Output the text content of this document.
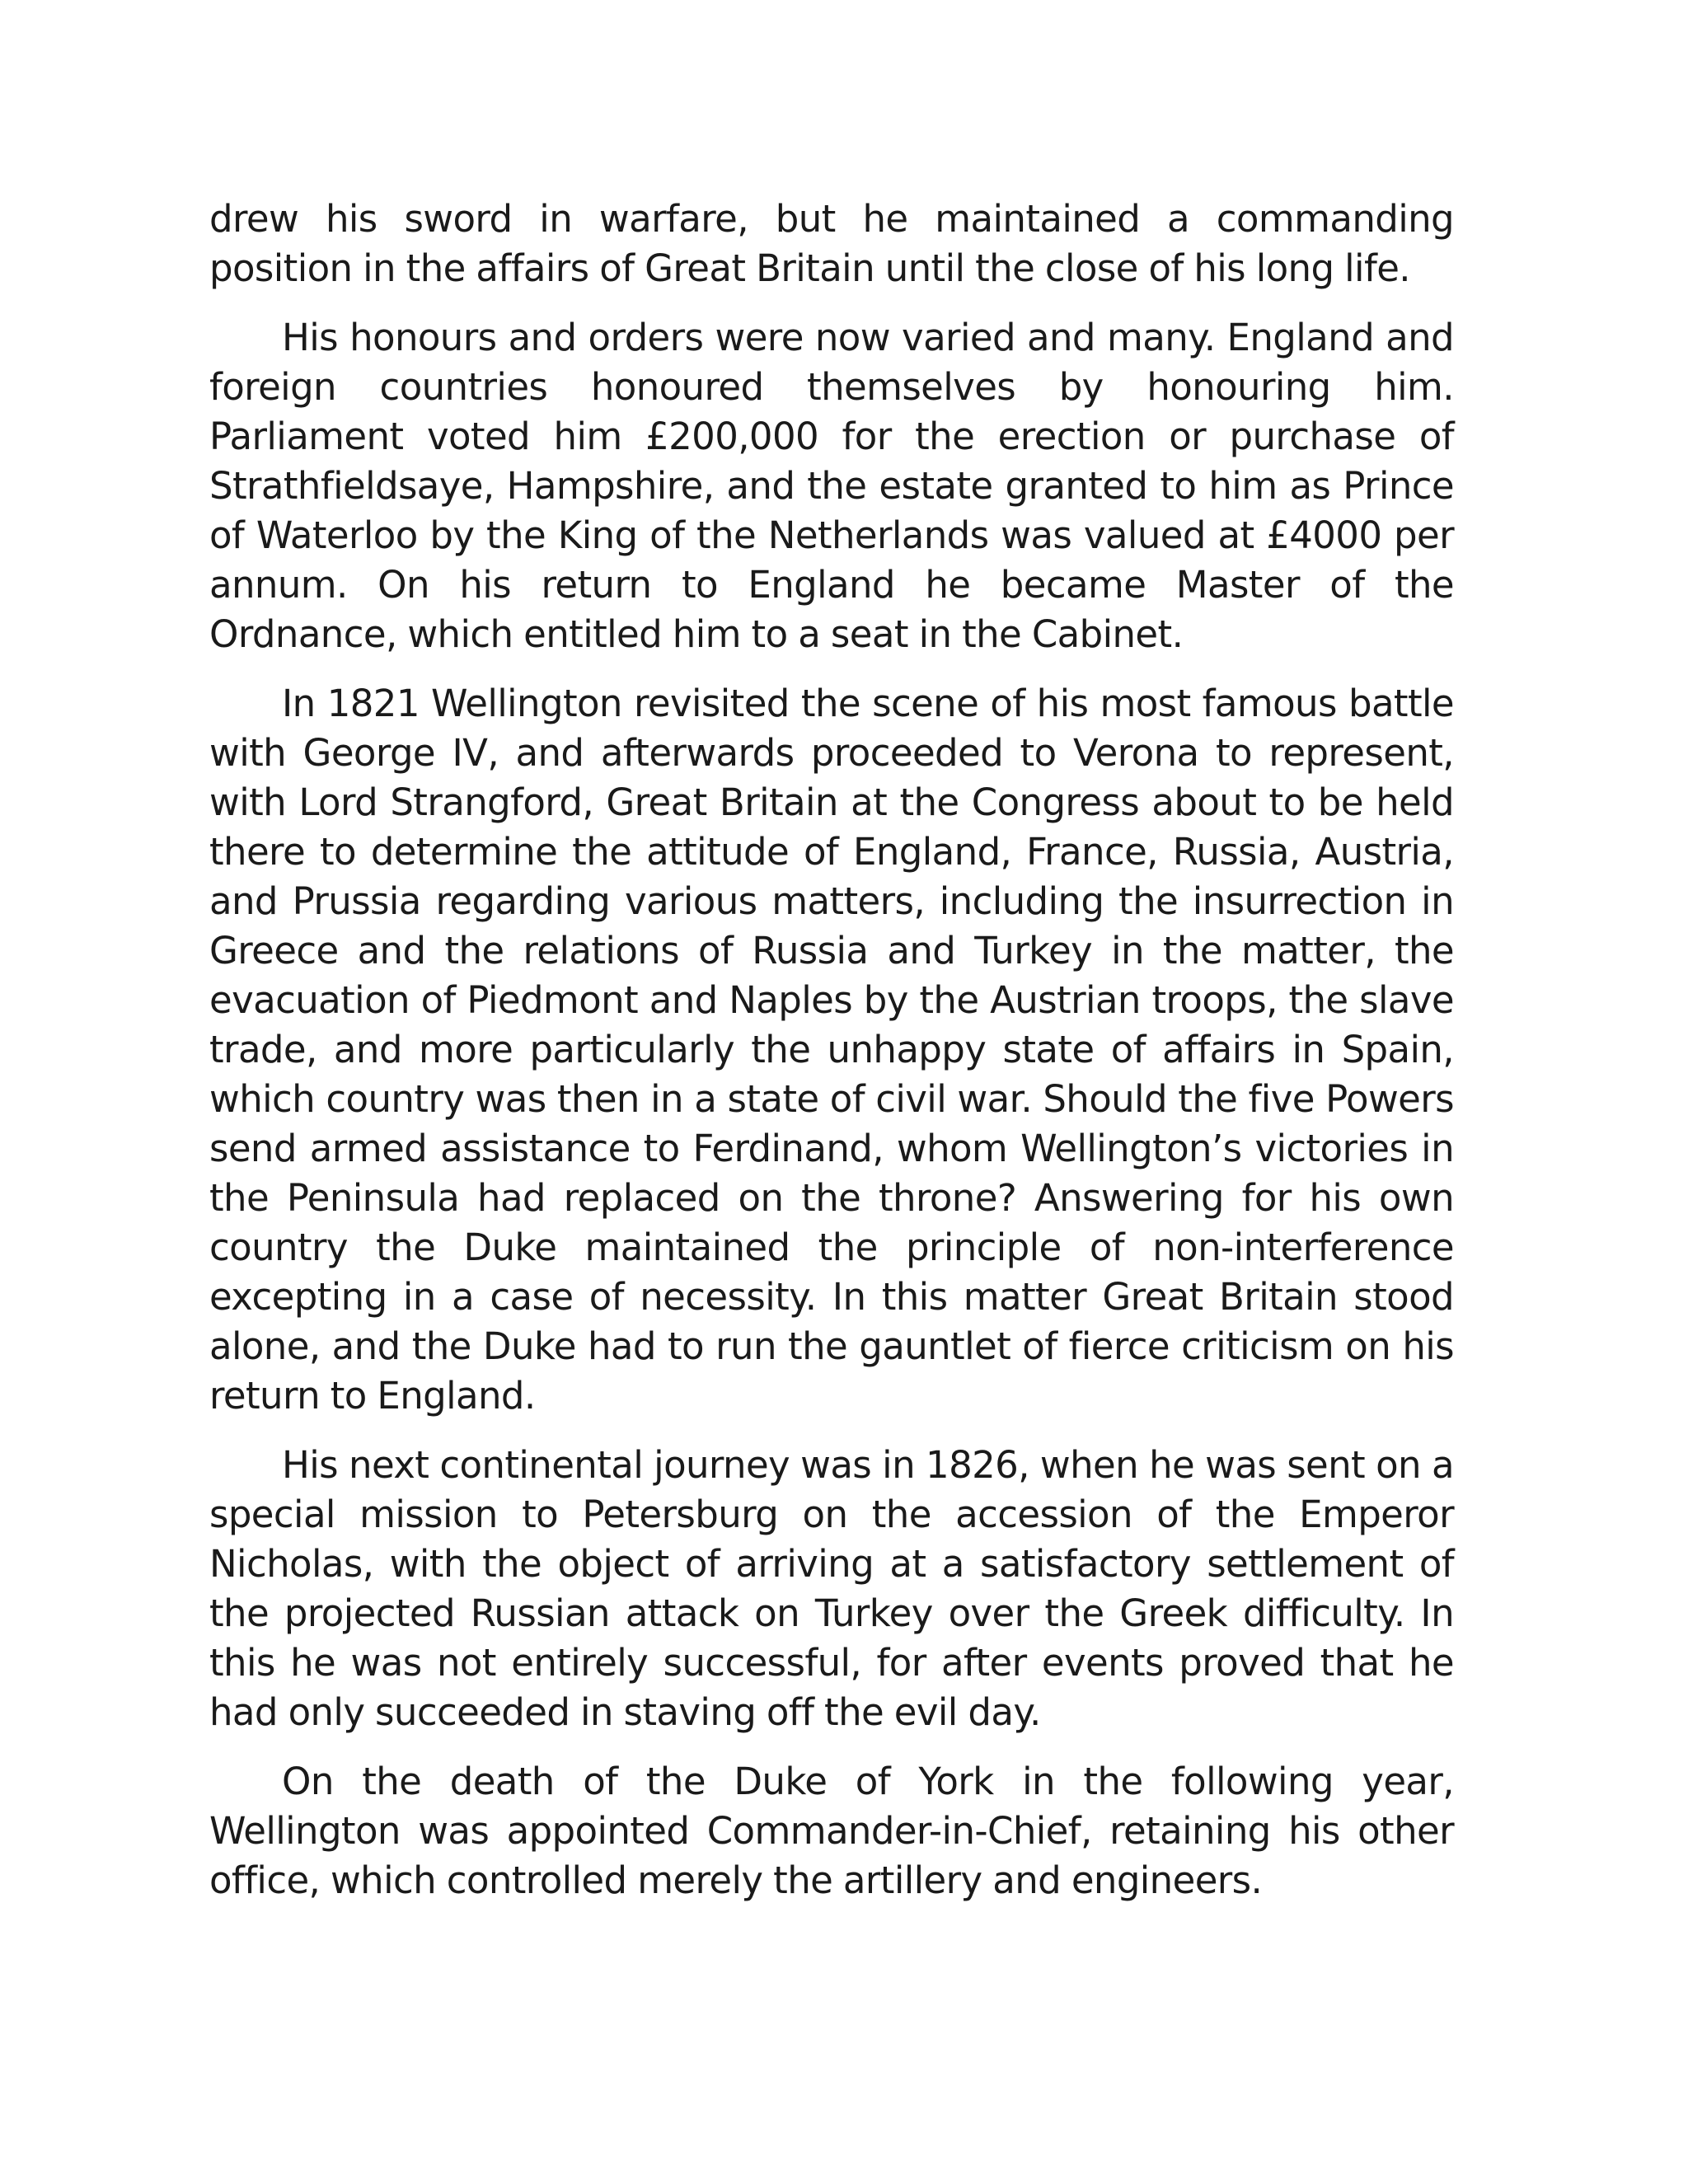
drew his sword in warfare, but he maintained a commanding position in the affairs of Great Britain until the close of his long life.

His honours and orders were now varied and many. England and foreign countries honoured themselves by honouring him. Parliament voted him £200,000 for the erection or purchase of Strathfieldsaye, Hampshire, and the estate granted to him as Prince of Waterloo by the King of the Netherlands was valued at £4000 per annum. On his return to England he became Master of the Ordnance, which entitled him to a seat in the Cabinet.

In 1821 Wellington revisited the scene of his most famous battle with George IV, and afterwards proceeded to Verona to represent, with Lord Strangford, Great Britain at the Congress about to be held there to determine the attitude of England, France, Russia, Austria, and Prussia regarding various matters, including the insurrection in Greece and the relations of Russia and Turkey in the matter, the evacuation of Piedmont and Naples by the Austrian troops, the slave trade, and more particularly the unhappy state of affairs in Spain, which country was then in a state of civil war. Should the five Powers send armed assistance to Ferdinand, whom Wellington’s victories in the Peninsula had replaced on the throne? Answering for his own country the Duke maintained the principle of non-interference excepting in a case of necessity. In this matter Great Britain stood alone, and the Duke had to run the gauntlet of fierce criticism on his return to England.

His next continental journey was in 1826, when he was sent on a special mission to Petersburg on the accession of the Emperor Nicholas, with the object of arriving at a satisfactory settlement of the projected Russian attack on Turkey over the Greek difficulty. In this he was not entirely successful, for after events proved that he had only succeeded in staving off the evil day.

On the death of the Duke of York in the following year, Wellington was appointed Commander-in-Chief, retaining his other office, which controlled merely the artillery and engineers.
